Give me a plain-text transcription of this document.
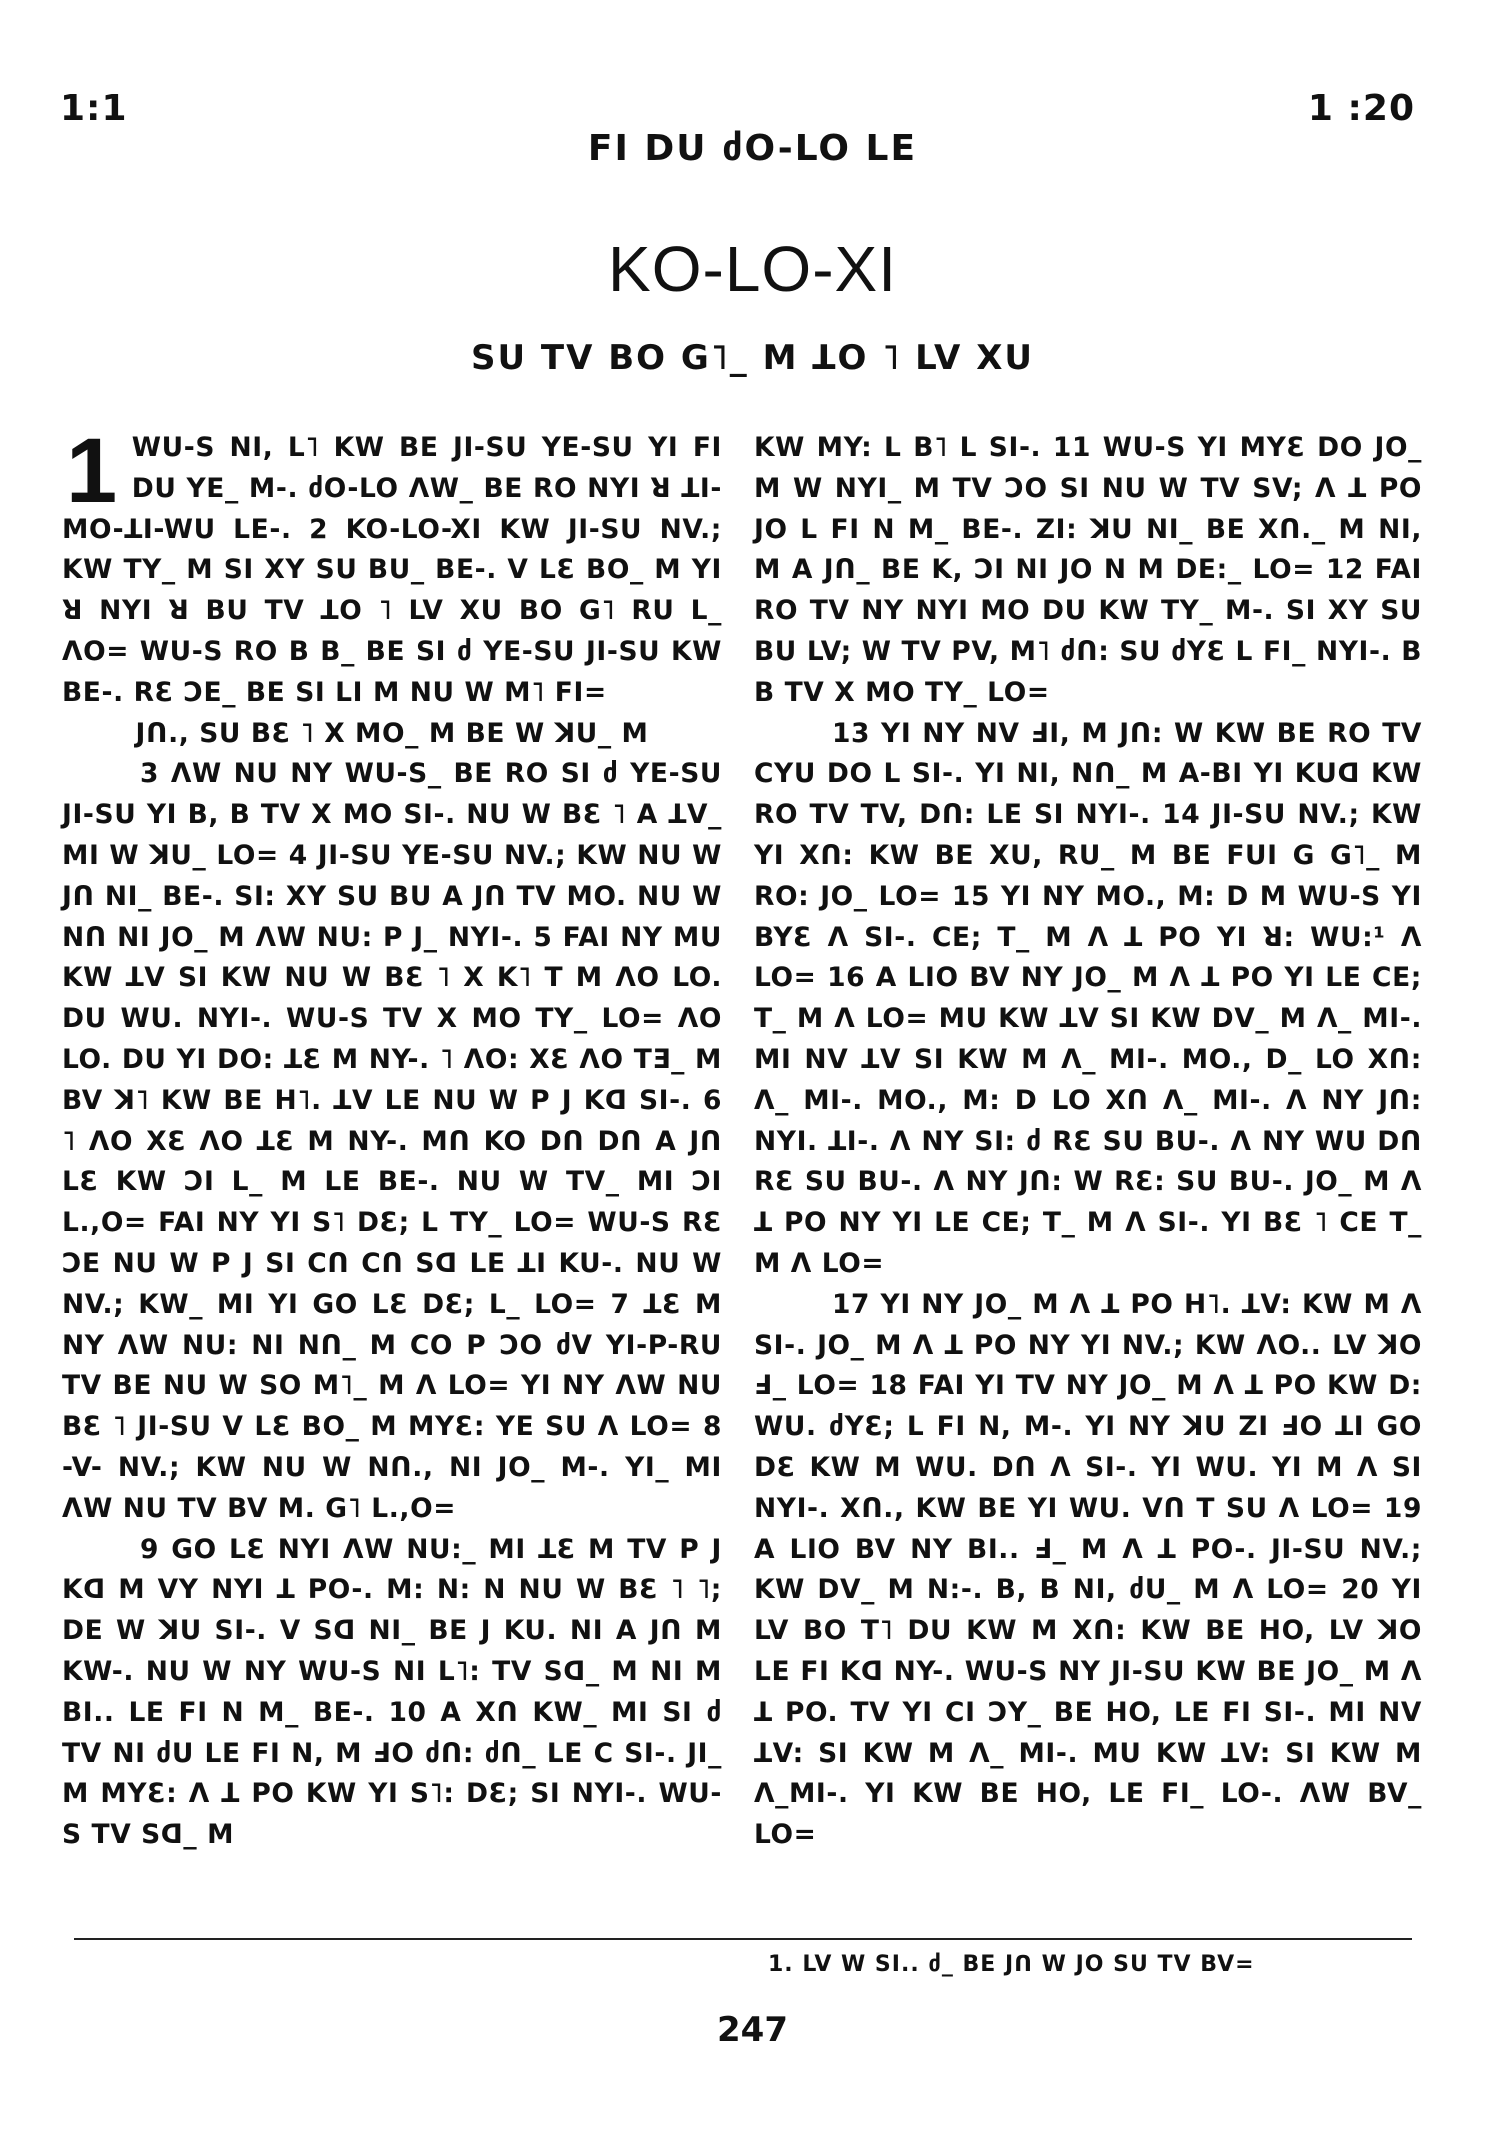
1:1	1 :20
FI DU ძO-LO LE
KO-LO-XI
SU TV BO G˥_ M ꓕO ˥ LV XU

1 WU-S NI, L˥ KW BE JI-SU YE-SU YI FI DU YE_ M-. ძO-LO ΛW_ BE RO NYI ꓤ ꓕI-MO-ꓕI-WU LE-. 2 KO-LO-XI KW JI-SU NV.; KW TY_ M SI XY SU BU_ BE-. V LƐ BO_ M YI ꓤ NYI ꓤ BU TV ꓕO ˥ LV XU BO G˥ ꓣU L_ ΛO= WU-S RO B B_ BE SI ძ YE-SU JI-SU KW BE-. RƐ ƆE_ BE SI LI M NU W M˥ FI=

Jꓵ., SU BƐ ˥ X MO_ M BE W ꓘU_ M

3 ΛW NU NY WU-S_ BE RO SI ძ YE-SU JI-SU YI B, B TV X MO SI-. NU W BƐ ˥ A ꓕV_ MI W ꓘU_ LO= 4 JI-SU YE-SU NV.; KW NU W Jꓵ NI_ BE-. SI: XY SU BU A Jꓵ TV MO. NU W Nꓵ NI JO_ M ΛW NU: P J_ NYI-. 5 FAI NY MU KW ꓕV SI KW NU W BƐ ˥ X K˥ T M ΛO LO. DU WU. NYI-. WU-S TV X MO TY_ LO= ΛO LO. DU YI DO: ꓕƐ M NY-. ˥ ΛO: XƐ ΛO TƎ_ M BV ꓘ˥ KW BE H˥. ꓕV LE NU W P J Kꓷ SI-. 6 ˥ ΛO XƐ ΛO ꓕƐ M NY-. Mꓵ KO Dꓵ Dꓵ A Jꓵ LƐ KW ƆI L_ M LE BE-. NU W TV_ MI ƆI L.,O= FAI NY YI S˥ DƐ; L TY_ LO= WU-S RƐ ƆE NU W P J SI Cꓵ Cꓵ Sꓷ LE ꓕI KU-. NU W NV.; KW_ MI YI GO LƐ DƐ; L_ LO= 7 ꓕƐ M NY ΛW NU: NI Nꓵ_ M CO P ƆO ძV YI-P-ꓣU TV BE NU W SO M˥_ M Λ LO= YI NY ΛW NU BƐ ˥ JI-SU V LƐ BO_ M MYƐ: YE SU Λ LO= 8 -V- NV.; KW NU W Nꓵ., NI JO_ M-. YI_ MI ΛW NU TV BV M. G˥ L.,O=

9 GO LƐ NYI ΛW NU:_ MI ꓕƐ M TV P J Kꓷ M VY NYI ꓕ PO-. M: N: N NU W BƐ ˥ ˥; DE W ꓘU SI-. V Sꓷ NI_ BE J KU. NI A Jꓵ M KW-. NU W NY WU-S NI L˥: TV Sꓷ_ M NI M BI.. LE FI N M_ BE-. 10 A Xꓵ KW_ MI SI ძ TV NI ძU LE FI N, M ꓞO ძꓵ: ძꓵ_ LE C SI-. JI_ M MYƐ: Λ ꓕ PO KW YI S˥: DƐ; SI NYI-. WU-S TV Sꓷ_ M

KW MY: L B˥ L SI-. 11 WU-S YI MYƐ DO JO_ M W NYI_ M TV ƆO SI NU W TV SV; Λ ꓕ PO JO L FI N M_ BE-. ZI: ꓘU NI_ BE Xꓵ._ M NI, M A Jꓵ_ BE K, ƆI NI JO N M DE:_ LO= 12 FAI RO TV NY NYI MO DU KW TY_ M-. SI XY SU BU LV; W TV PV, M˥ ძꓵ: SU ძYƐ L FI_ NYI-. B B TV X MO TY_ LO=

13 YI NY NV ꓞI, M Jꓵ: W KW BE RO TV CYU DO L SI-. YI NI, Nꓵ_ M A-BI YI KUꓷ KW RO TV TV, Dꓵ: LE SI NYI-. 14 JI-SU NV.; KW YI Xꓵ: KW BE XU, RU_ M BE FUI G G˥_ M RO: JO_ LO= 15 YI NY MO., M: D M WU-S YI BYƐ Λ SI-. CE; T_ M Λ ꓕ PO YI ꓤ: WU:¹ Λ LO= 16 A LIO BV NY JO_ M Λ ꓕ PO YI LE CE; T_ M Λ LO= MU KW ꓕV SI KW DV_ M Λ_ MI-. MI NV ꓕV SI KW M Λ_ MI-. MO., D_ LO Xꓵ: Λ_ MI-. MO., M: D LO Xꓵ Λ_ MI-. Λ NY Jꓵ: NYI. ꓕI-. Λ NY SI: ძ RƐ SU BU-. Λ NY WU Dꓵ RƐ SU BU-. Λ NY Jꓵ: W RƐ: SU BU-. JO_ M Λ ꓕ PO NY YI LE CE; T_ M Λ SI-. YI BƐ ˥ CE T_ M Λ LO=

17 YI NY JO_ M Λ ꓕ PO H˥. ꓕV: KW M Λ SI-. JO_ M Λ ꓕ PO NY YI NV.; KW ΛO.. LV ꓘO ꓞ_ LO= 18 FAI YI TV NY JO_ M Λ ꓕ PO KW D: WU. ძYƐ; L FI N, M-. YI NY ꓘU ZI ꓞO ꓕI GO DƐ KW M WU. Dꓵ Λ SI-. YI WU. YI M Λ SI NYI-. Xꓵ., KW BE YI WU. Vꓵ T SU Λ LO= 19 A LIO BV NY BI.. ꓞ_ M Λ ꓕ PO-. JI-SU NV.; KW DV_ M N:-. B, B NI, ძU_ M Λ LO= 20 YI LV BO T˥ DU KW M Xꓵ: KW BE HO, LV ꓘO LE FI Kꓷ NY-. WU-S NY JI-SU KW BE JO_ M Λ ꓕ PO. TV YI CI ƆY_ BE HO, LE FI SI-. MI NV ꓕV: SI KW M Λ_ MI-. MU KW ꓕV: SI KW M Λ_MI-. YI KW BE HO, LE FI_ LO-. ΛW BV_ LO=

1. LV W SI.. ძ_ BE Jꓵ W JO SU TV BV=
247
